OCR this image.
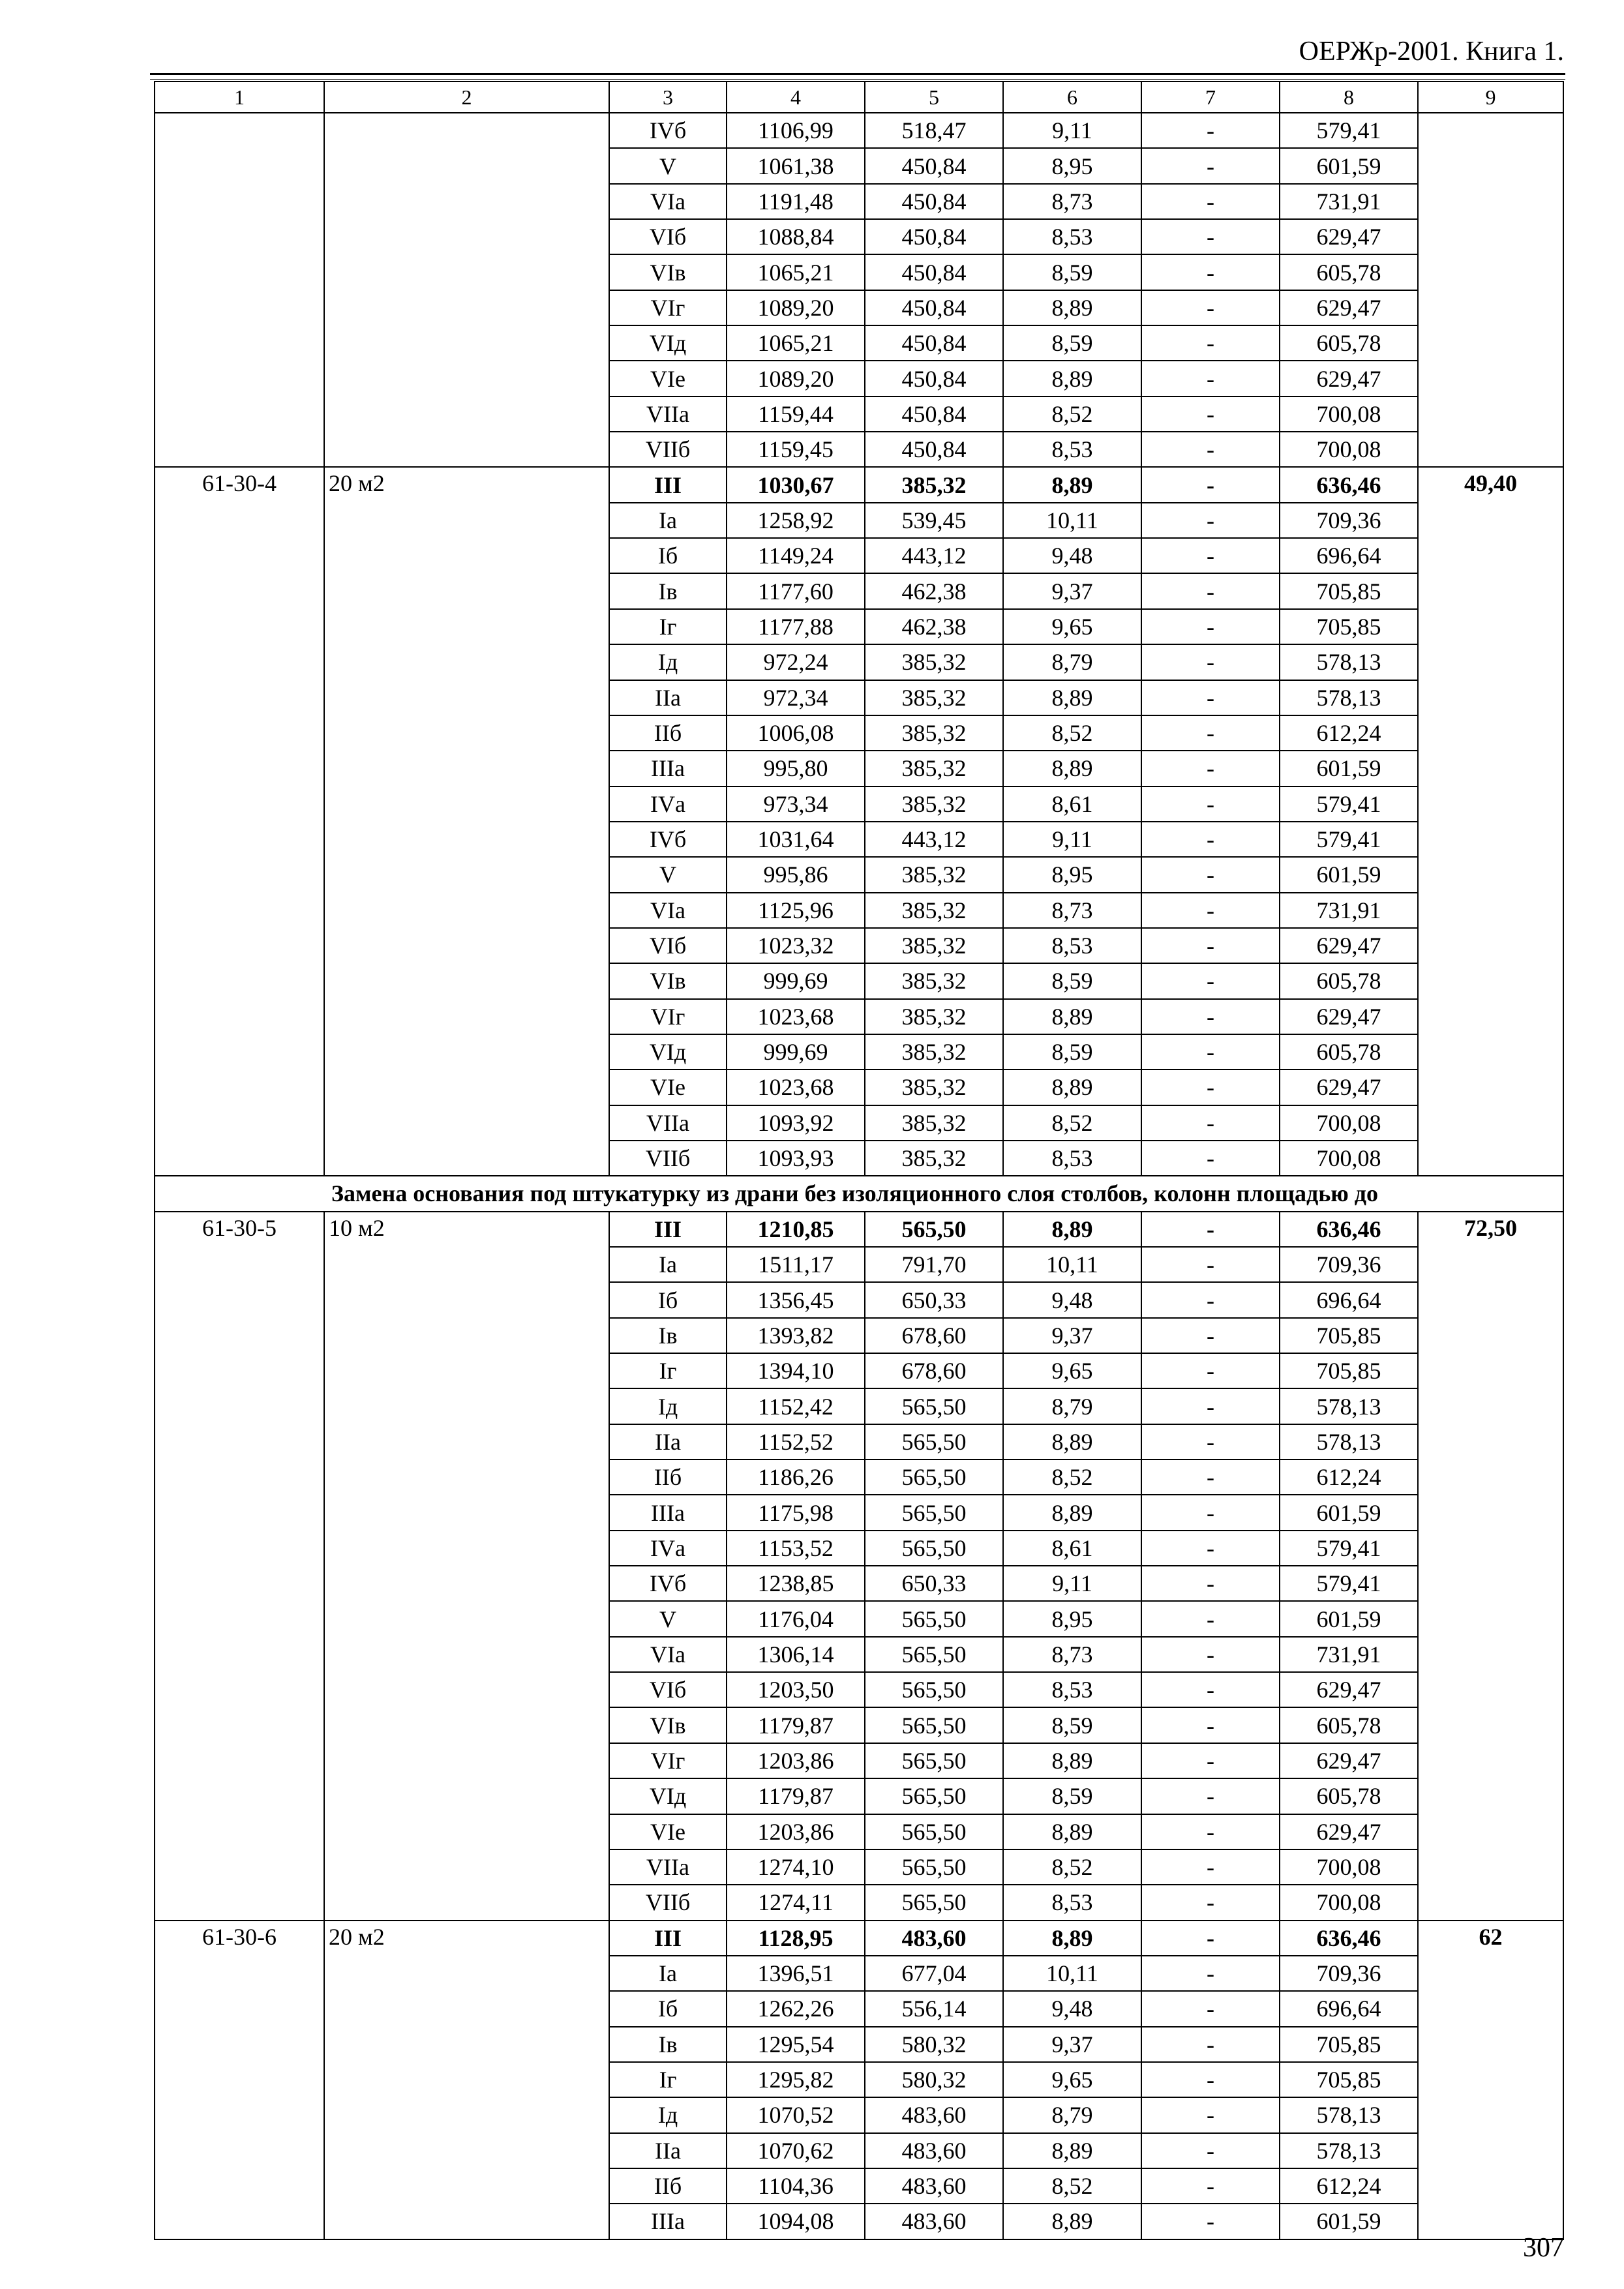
ОЕРЖр-2001. Книга 1.
1	2	3	4	5	6	7	8	9
		IVб	1106,99	518,47	9,11	-	579,41	
		V	1061,38	450,84	8,95	-	601,59	
		VIа	1191,48	450,84	8,73	-	731,91	
		VIб	1088,84	450,84	8,53	-	629,47	
		VIв	1065,21	450,84	8,59	-	605,78	
		VIг	1089,20	450,84	8,89	-	629,47	
		VIд	1065,21	450,84	8,59	-	605,78	
		VIе	1089,20	450,84	8,89	-	629,47	
		VIIа	1159,44	450,84	8,52	-	700,08	
		VIIб	1159,45	450,84	8,53	-	700,08	
61-30-4	20 м2	III	1030,67	385,32	8,89	-	636,46	49,40
		Iа	1258,92	539,45	10,11	-	709,36	
		Iб	1149,24	443,12	9,48	-	696,64	
		Iв	1177,60	462,38	9,37	-	705,85	
		Iг	1177,88	462,38	9,65	-	705,85	
		Iд	972,24	385,32	8,79	-	578,13	
		IIа	972,34	385,32	8,89	-	578,13	
		IIб	1006,08	385,32	8,52	-	612,24	
		IIIа	995,80	385,32	8,89	-	601,59	
		IVа	973,34	385,32	8,61	-	579,41	
		IVб	1031,64	443,12	9,11	-	579,41	
		V	995,86	385,32	8,95	-	601,59	
		VIа	1125,96	385,32	8,73	-	731,91	
		VIб	1023,32	385,32	8,53	-	629,47	
		VIв	999,69	385,32	8,59	-	605,78	
		VIг	1023,68	385,32	8,89	-	629,47	
		VIд	999,69	385,32	8,59	-	605,78	
		VIе	1023,68	385,32	8,89	-	629,47	
		VIIа	1093,92	385,32	8,52	-	700,08	
		VIIб	1093,93	385,32	8,53	-	700,08	
Замена основания под штукатурку из драни без изоляционного слоя столбов, колонн площадью до								
61-30-5	10 м2	III	1210,85	565,50	8,89	-	636,46	72,50
		Iа	1511,17	791,70	10,11	-	709,36	
		Iб	1356,45	650,33	9,48	-	696,64	
		Iв	1393,82	678,60	9,37	-	705,85	
		Iг	1394,10	678,60	9,65	-	705,85	
		Iд	1152,42	565,50	8,79	-	578,13	
		IIа	1152,52	565,50	8,89	-	578,13	
		IIб	1186,26	565,50	8,52	-	612,24	
		IIIа	1175,98	565,50	8,89	-	601,59	
		IVа	1153,52	565,50	8,61	-	579,41	
		IVб	1238,85	650,33	9,11	-	579,41	
		V	1176,04	565,50	8,95	-	601,59	
		VIа	1306,14	565,50	8,73	-	731,91	
		VIб	1203,50	565,50	8,53	-	629,47	
		VIв	1179,87	565,50	8,59	-	605,78	
		VIг	1203,86	565,50	8,89	-	629,47	
		VIд	1179,87	565,50	8,59	-	605,78	
		VIе	1203,86	565,50	8,89	-	629,47	
		VIIа	1274,10	565,50	8,52	-	700,08	
		VIIб	1274,11	565,50	8,53	-	700,08	
61-30-6	20 м2	III	1128,95	483,60	8,89	-	636,46	62
		Iа	1396,51	677,04	10,11	-	709,36	
		Iб	1262,26	556,14	9,48	-	696,64	
		Iв	1295,54	580,32	9,37	-	705,85	
		Iг	1295,82	580,32	9,65	-	705,85	
		Iд	1070,52	483,60	8,79	-	578,13	
		IIа	1070,62	483,60	8,89	-	578,13	
		IIб	1104,36	483,60	8,52	-	612,24	
		IIIа	1094,08	483,60	8,89	-	601,59	
307
